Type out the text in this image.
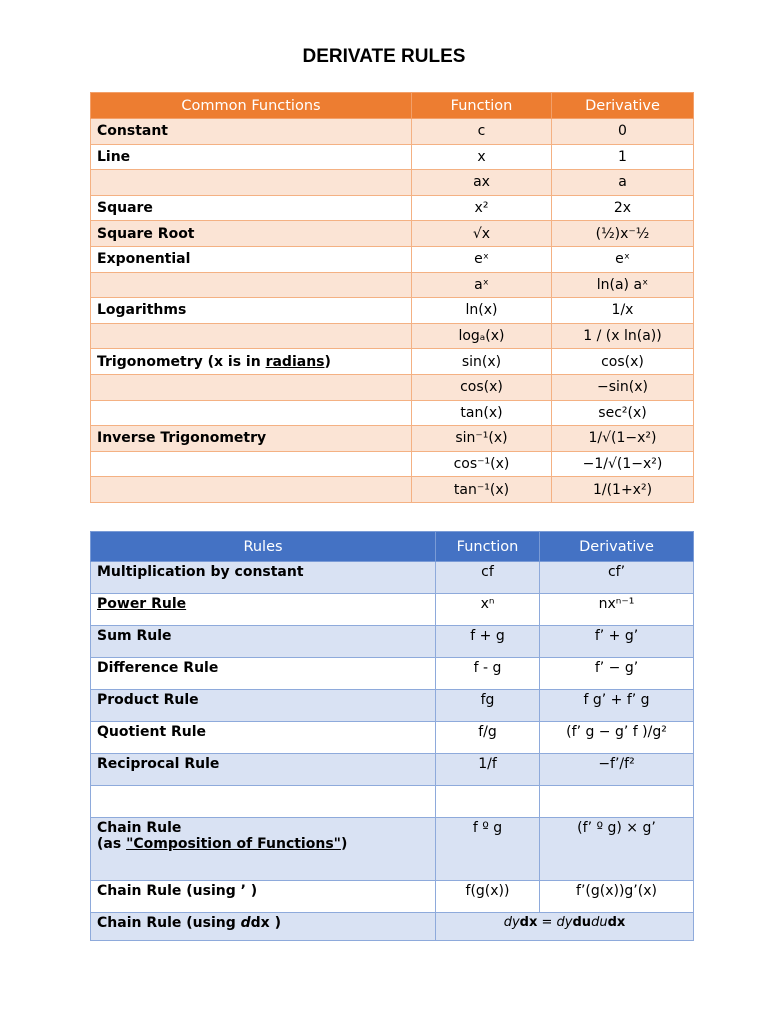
DERIVATE RULES
Common Functions	Function	Derivative
Constant	c	0
Line	x	1
	ax	a
Square	x²	2x
Square Root	√x	(½)x⁻½
Exponential	eˣ	eˣ
	aˣ	ln(a) aˣ
Logarithms	ln(x)	1/x
	logₐ(x)	1 / (x ln(a))
Trigonometry (x is in radians)	sin(x)	cos(x)
	cos(x)	−sin(x)
	tan(x)	sec²(x)
Inverse Trigonometry	sin⁻¹(x)	1/√(1−x²)
	cos⁻¹(x)	−1/√(1−x²)
	tan⁻¹(x)	1/(1+x²)
Rules	Function	Derivative
Multiplication by constant	cf	cf’
Power Rule	xⁿ	nxⁿ⁻¹
Sum Rule	f + g	f’ + g’
Difference Rule	f - g	f’ − g’
Product Rule	fg	f g’ + f’ g
Quotient Rule	f/g	(f’ g − g’ f )/g²
Reciprocal Rule	1/f	−f’/f²

Chain Rule
(as "Composition of Functions")	f º g	(f’ º g) × g’
Chain Rule (using ’ )	f(g(x))	f’(g(x))g’(x)
Chain Rule (using ddx )	dydx = dydududx	
